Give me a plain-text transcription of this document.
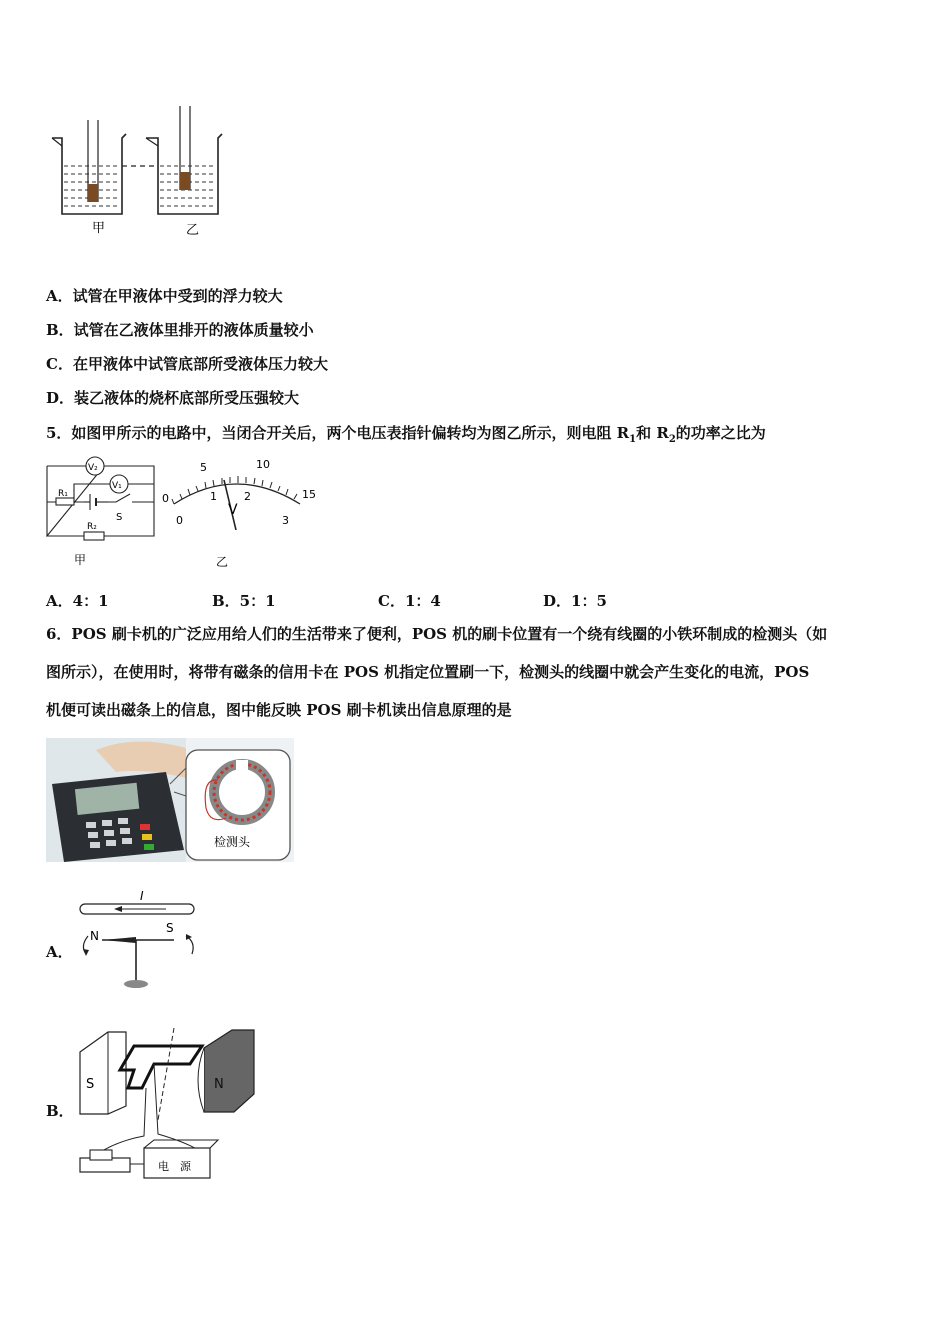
甲	乙
A．试管在甲液体中受到的浮力较大
B．试管在乙液体里排开的液体质量较小
C．在甲液体中试管底部所受液体压力较大
D．装乙液体的烧杯底部所受压强较大
5．如图甲所示的电路中，当闭合开关后，两个电压表指针偏转均为图乙所示，则电阻 $R_1$和 $R_2$的功率之比为
V₂
V₁
R₁
R₂
S
甲
0
5	10
15
0
1 2
3
V
乙
A．4：1	B．5：1	C．1：4	D．1：5
6．POS 刷卡机的广泛应用给人们的生活带来了便利，POS 机的刷卡位置有一个绕有线圈的小铁环制成的检测头（如
图所示），在使用时，将带有磁条的信用卡在 POS 机指定位置刷一下，检测头的线圈中就会产生变化的电流，POS
机便可读出磁条上的信息，图中能反映 POS 刷卡机读出信息原理的是
检测头
A．
I
N
S
B．
S	N
电　源
